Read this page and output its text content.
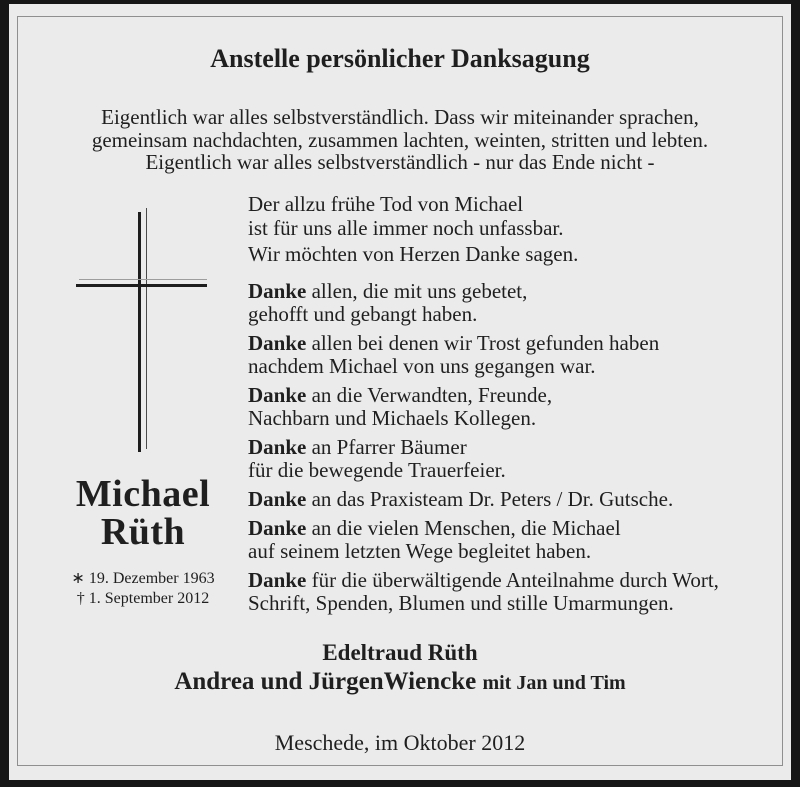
Anstelle persönlicher Danksagung
Eigentlich war alles selbstverständlich. Dass wir miteinander sprachen,
gemeinsam nachdachten, zusammen lachten, weinten, stritten und lebten.
Eigentlich war alles selbstverständlich - nur das Ende nicht -

Der allzu frühe Tod von Michael
ist für uns alle immer noch unfassbar.

Wir möchten von Herzen Danke sagen.

Danke allen, die mit uns gebetet,
gehofft und gebangt haben.

Danke allen bei denen wir Trost gefunden haben
nachdem Michael von uns gegangen war.

Danke an die Verwandten, Freunde,
Nachbarn und Michaels Kollegen.

Danke an Pfarrer Bäumer
für die bewegende Trauerfeier.

Danke an das Praxisteam Dr. Peters / Dr. Gutsche.

Danke an die vielen Menschen, die Michael
auf seinem letzten Wege begleitet haben.

Danke für die überwältigende Anteilnahme durch Wort,
Schrift, Spenden, Blumen und stille Umarmungen.

Michael
Rüth
∗ 19. Dezember 1963
† 1. September 2012
Edeltraud Rüth
Andrea und JürgenWiencke mit Jan und Tim
Meschede, im Oktober 2012
